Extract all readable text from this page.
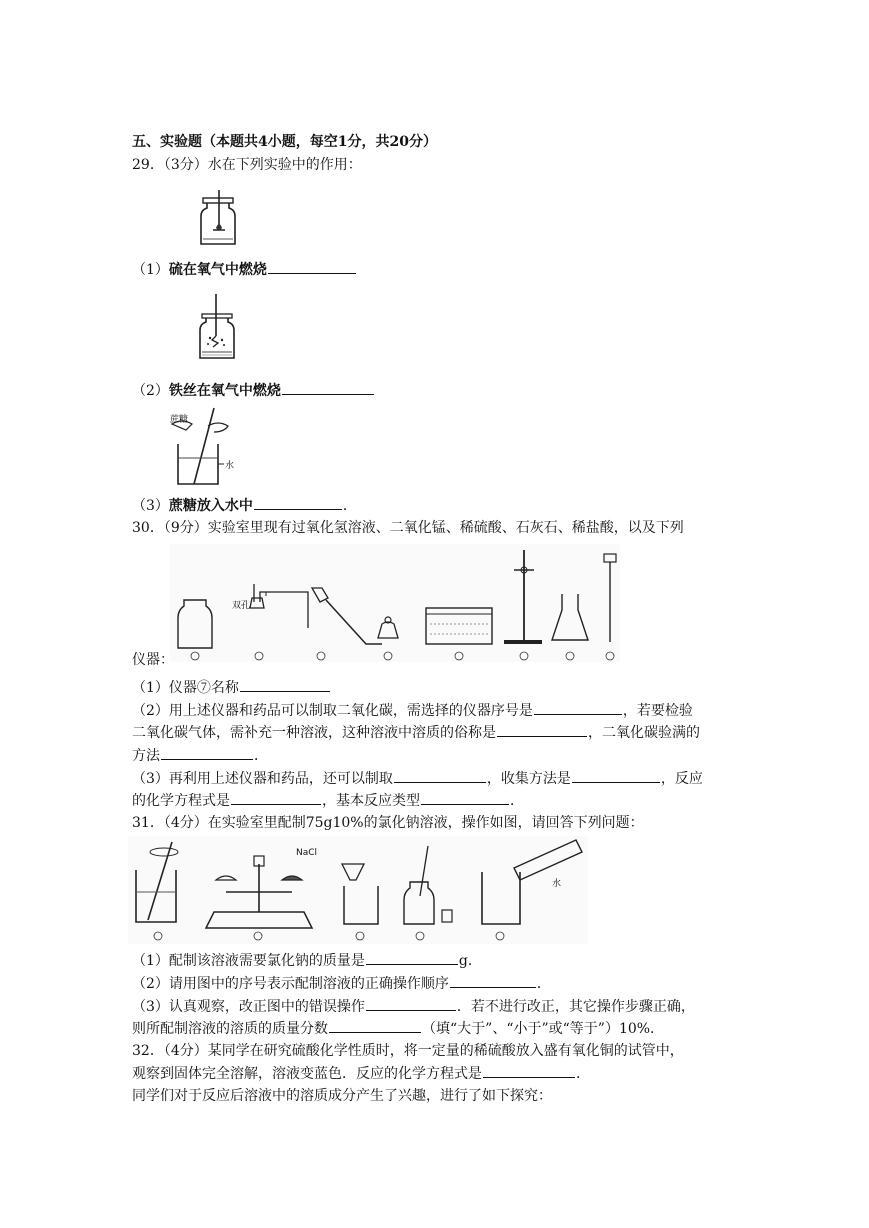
五、实验题（本题共4小题，每空1分，共20分）
29．（3分）水在下列实验中的作用：
（1）硫在氧气中燃烧
（2）铁丝在氧气中燃烧
蔗糖
水
（3）蔗糖放入水中	．
30．（9分）实验室里现有过氧化氢溶液、二氧化锰、稀硫酸、石灰石、稀盐酸，以及下列
双孔
仪器：
（1）仪器⑦名称
（2）用上述仪器和药品可以制取二氧化碳，需选择的仪器序号是	，若要检验
二氧化碳气体，需补充一种溶液，这种溶液中溶质的俗称是	，二氧化碳验满的
方法	．
（3）再利用上述仪器和药品，还可以制取	，收集方法是	，反应
的化学方程式是	，基本反应类型	．
31．（4分）在实验室里配制75g10%的氯化钠溶液，操作如图，请回答下列问题：
NaCl
水
（1）配制该溶液需要氯化钠的质量是	g．
（2）请用图中的序号表示配制溶液的正确操作顺序	．
（3）认真观察，改正图中的错误操作	．若不进行改正，其它操作步骤正确，
则所配制溶液的溶质的质量分数	（填“大于”、“小于”或“等于”）10%．
32．（4分）某同学在研究硫酸化学性质时，将一定量的稀硫酸放入盛有氧化铜的试管中，
观察到固体完全溶解，溶液变蓝色．反应的化学方程式是	．
同学们对于反应后溶液中的溶质成分产生了兴趣，进行了如下探究：
